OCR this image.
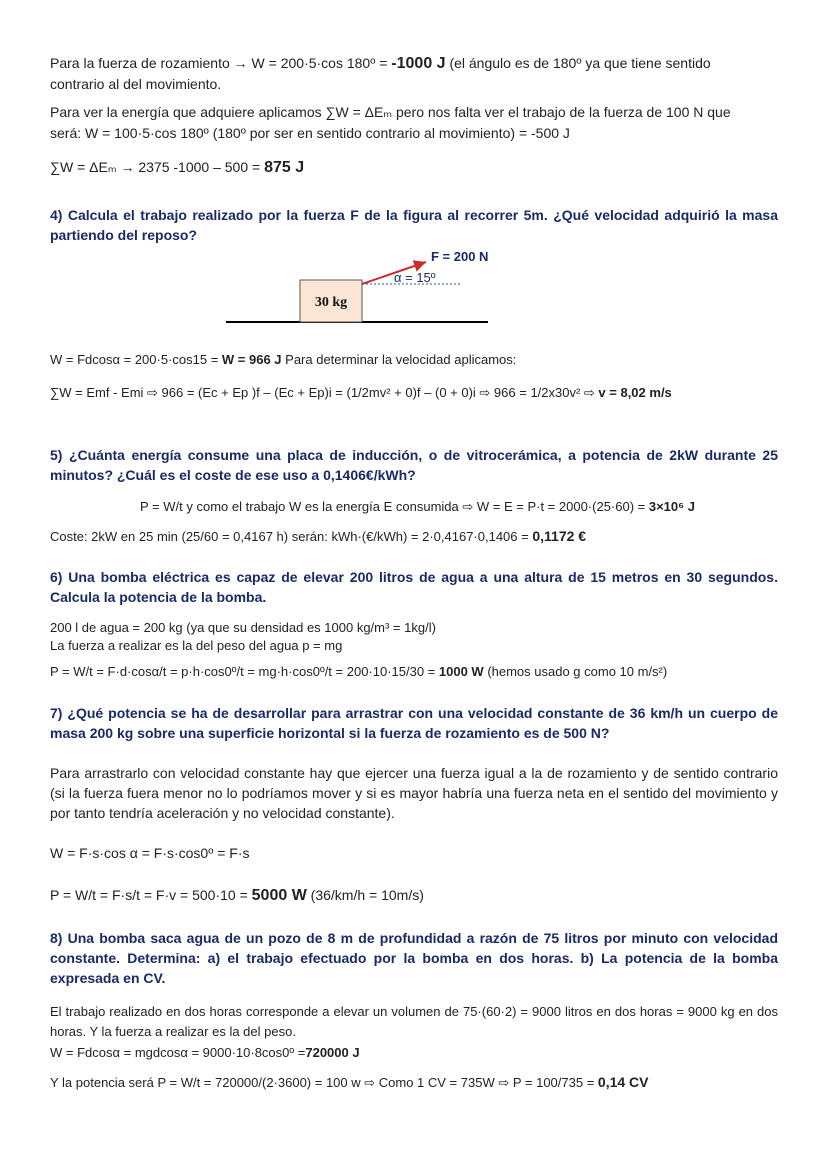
Para la fuerza de rozamiento → W = 200·5·cos 180º = -1000 J (el ángulo es de 180º ya que tiene sentido
contrario al del movimiento.
Para ver la energía que adquiere aplicamos ∑W = ΔEₘ pero nos falta ver el trabajo de la fuerza de 100 N que
será: W = 100·5·cos 180º (180º por ser en sentido contrario al movimiento) = -500 J
∑W = ΔEₘ → 2375 -1000 – 500 = 875 J
4) Calcula el trabajo realizado por la fuerza F de la figura al recorrer 5m. ¿Qué velocidad adquirió la masa partiendo del reposo?
30 kg
F = 200 N
α = 15º
W = Fdcosα = 200·5·cos15 = W = 966 J Para determinar la velocidad aplicamos:
∑W = Emf - Emi ⇨ 966 = (Ec + Ep )f – (Ec + Ep)i = (1/2mv² + 0)f – (0 + 0)i ⇨ 966 = 1/2x30v² ⇨ v = 8,02 m/s
5) ¿Cuánta energía consume una placa de inducción, o de vitrocerámica, a potencia de 2kW durante 25 minutos? ¿Cuál es el coste de ese uso a 0,1406€/kWh?
P = W/t y como el trabajo W es la energía E consumida ⇨ W = E = P·t = 2000·(25·60) = 3×10⁶ J
Coste: 2kW en 25 min (25/60 = 0,4167 h) serán: kWh·(€/kWh) = 2·0,4167·0,1406 = 0,1172 €
6) Una bomba eléctrica es capaz de elevar 200 litros de agua a una altura de 15 metros en 30 segundos. Calcula la potencia de la bomba.
200 l de agua = 200 kg (ya que su densidad es 1000 kg/m³ = 1kg/l)
La fuerza a realizar es la del peso del agua p = mg
P = W/t = F·d·cosα/t = p·h·cos0º/t = mg·h·cos0º/t = 200·10·15/30 = 1000 W (hemos usado g como 10 m/s²)
7) ¿Qué potencia se ha de desarrollar para arrastrar con una velocidad constante de 36 km/h un cuerpo de masa 200 kg sobre una superficie horizontal si la fuerza de rozamiento es de 500 N?
Para arrastrarlo con velocidad constante hay que ejercer una fuerza igual a la de rozamiento y de sentido contrario (si la fuerza fuera menor no lo podríamos mover y si es mayor habría una fuerza neta en el sentido del movimiento y por tanto tendría aceleración y no velocidad constante).
W = F·s·cos α = F·s·cos0º = F·s
P = W/t = F·s/t = F·v = 500·10 = 5000 W (36/km/h = 10m/s)
8) Una bomba saca agua de un pozo de 8 m de profundidad a razón de 75 litros por minuto con velocidad constante. Determina: a) el trabajo efectuado por la bomba en dos horas. b) La potencia de la bomba expresada en CV.
El trabajo realizado en dos horas corresponde a elevar un volumen de 75·(60·2) = 9000 litros en dos horas = 9000 kg en dos horas. Y la fuerza a realizar es la del peso.
W = Fdcosα = mgdcosα = 9000·10·8cos0º =720000 J
Y la potencia será P = W/t = 720000/(2·3600) = 100 w ⇨ Como 1 CV = 735W ⇨ P = 100/735 = 0,14 CV
